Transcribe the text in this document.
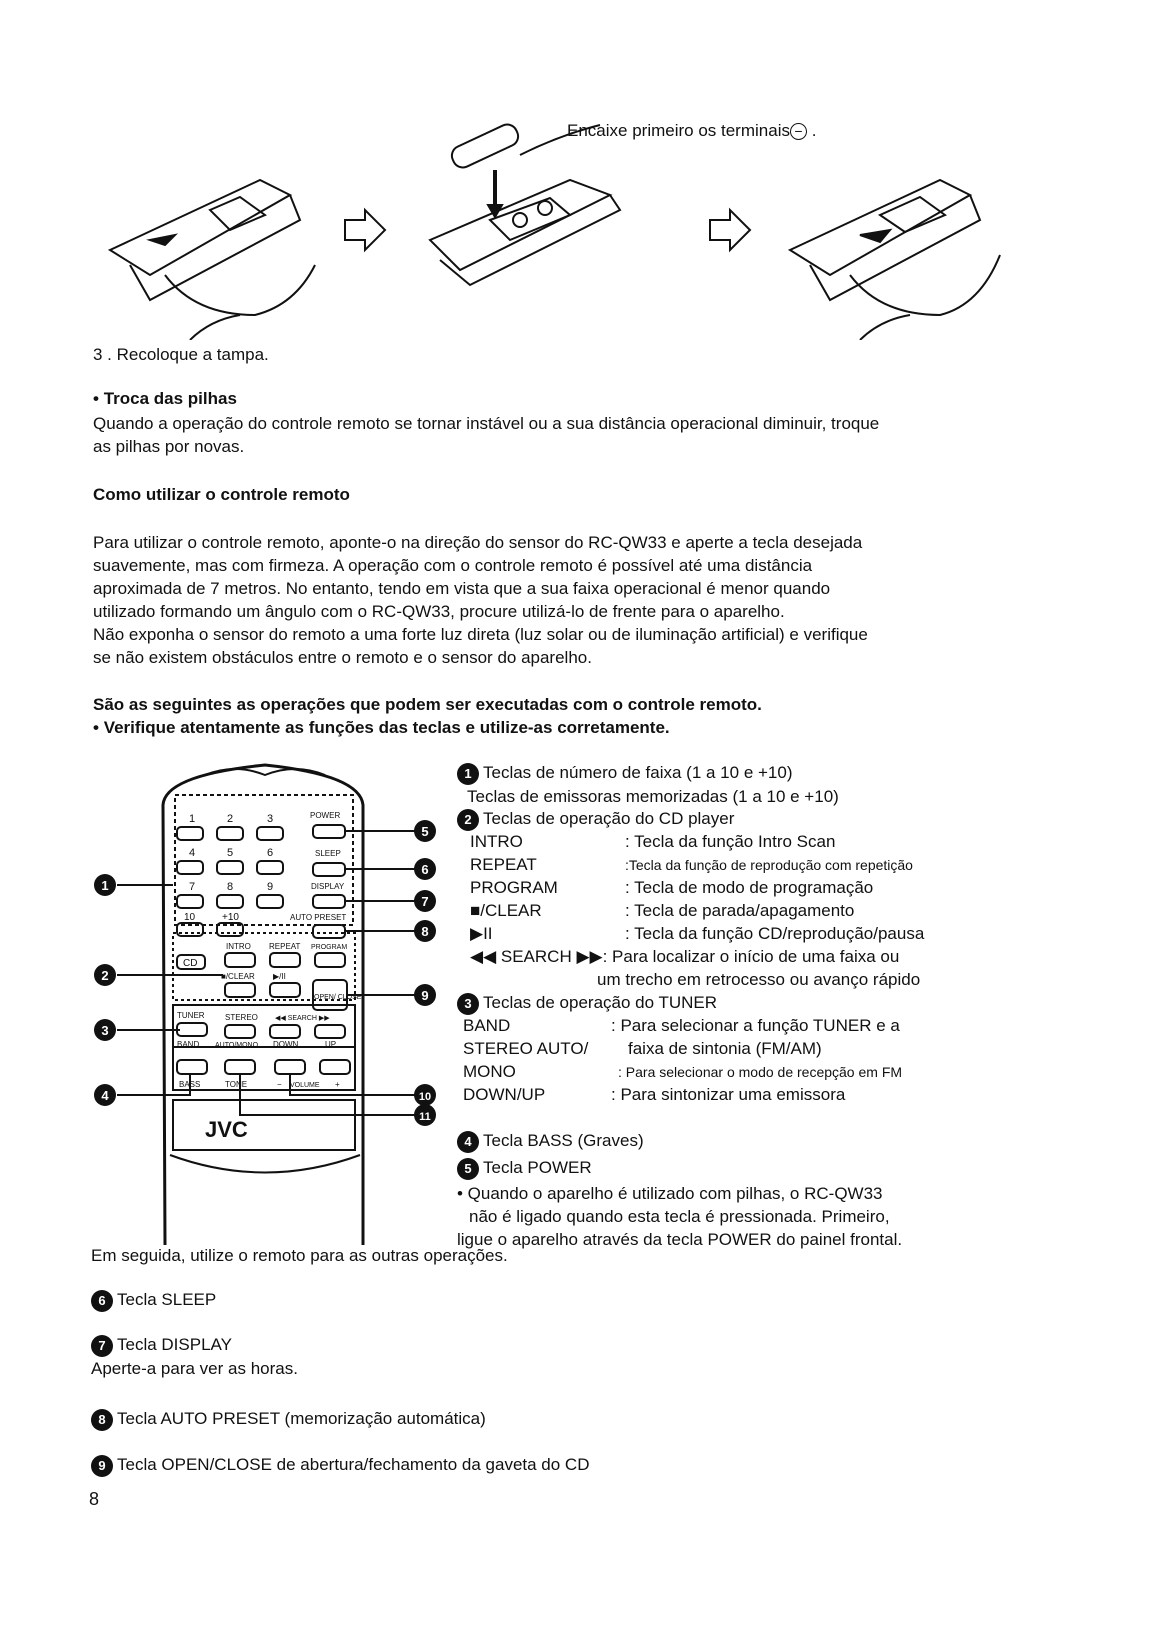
Encaixe primeiro os terminais − .
3 . Recoloque a tampa.
• Troca das pilhas
Quando a operação do controle remoto se tornar instável ou a sua distância operacional diminuir, troque
as pilhas por novas.
Como utilizar o controle remoto
Para utilizar o controle remoto, aponte-o na direção do sensor do RC-QW33 e aperte a tecla desejada
suavemente, mas com firmeza. A operação com o controle remoto é possível até uma distância
aproximada de 7 metros. No entanto, tendo em vista que a sua faixa operacional é menor quando
utilizado formando um ângulo com o RC-QW33, procure utilizá-lo de frente para o aparelho.
Não exponha o sensor do remoto a uma forte luz direta (luz solar ou de iluminação artificial) e verifique
se não existem obstáculos entre o remoto e o sensor do aparelho.
São as seguintes as operações que podem ser executadas com o controle remoto.
• Verifique atentamente as funções das teclas e utilize-as corretamente.
1	2	3
4	5	6
7	8	9
10	+10
POWER
SLEEP
DISPLAY
AUTO PRESET
CD
INTRO REPEAT PROGRAM
■/CLEAR ▶/II
OPEN/ CLOSE
TUNER	STEREO ◀◀ SEARCH ▶▶
BAND AUTO/MONO DOWN	UP
BASS	TONE	− VOLUME +
JVC
5
6
7
8
9
1
2
3
4	10
11
1 Teclas de número de faixa (1 a 10 e +10)
Teclas de emissoras memorizadas (1 a 10 e +10)
2 Teclas de operação do CD player
INTRO	: Tecla da função Intro Scan
REPEAT	:Tecla da função de reprodução com repetição
PROGRAM	: Tecla de modo de programação
■/CLEAR	: Tecla de parada/apagamento
▶II	: Tecla da função CD/reprodução/pausa
◀◀ SEARCH ▶▶: Para localizar o início de uma faixa ou
um trecho em retrocesso ou avanço rápido
3 Teclas de operação do TUNER
BAND	: Para selecionar a função TUNER e a
STEREO AUTO/ faixa de sintonia (FM/AM)
MONO	: Para selecionar o modo de recepção em FM
DOWN/UP	: Para sintonizar uma emissora
4 Tecla BASS (Graves)
5 Tecla POWER
• Quando o aparelho é utilizado com pilhas, o RC-QW33
não é ligado quando esta tecla é pressionada. Primeiro,
ligue o aparelho através da tecla POWER do painel frontal.
Em seguida, utilize o remoto para as outras operações.
6 Tecla SLEEP
7 Tecla DISPLAY
Aperte-a para ver as horas.
8 Tecla AUTO PRESET (memorização automática)
9 Tecla OPEN/CLOSE de abertura/fechamento da gaveta do CD
8
